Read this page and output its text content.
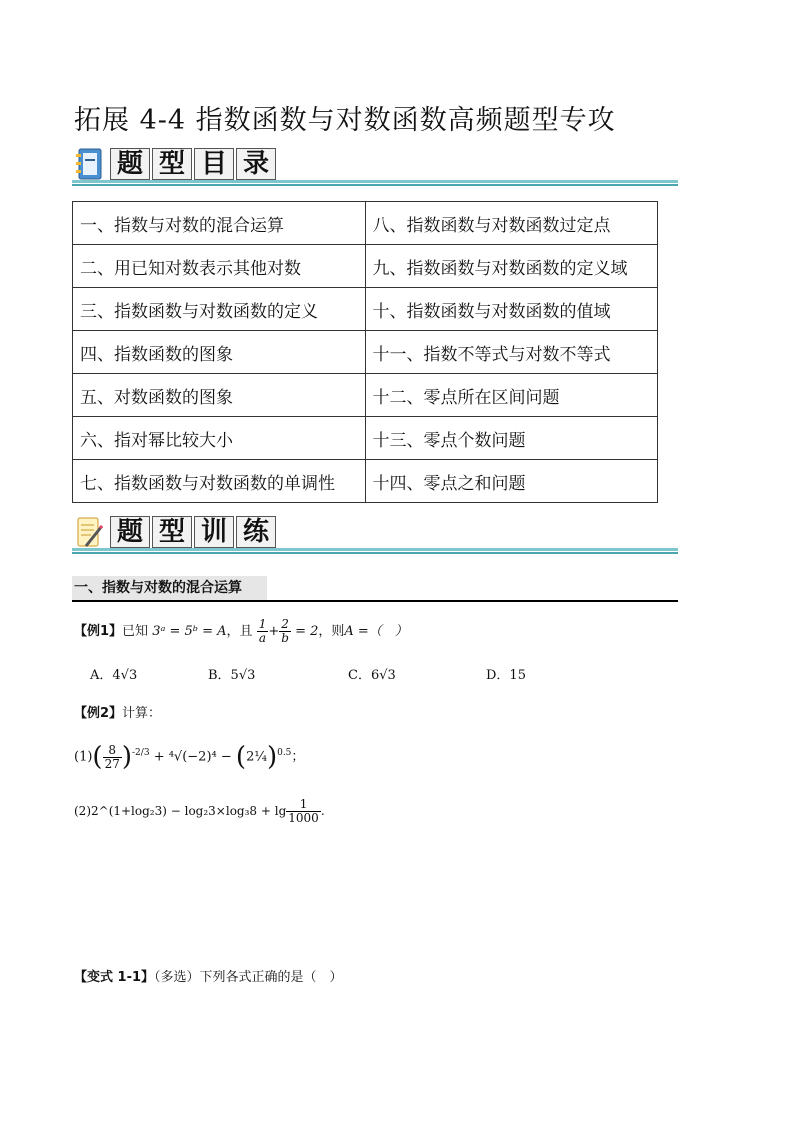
拓展 4-4 指数函数与对数函数高频题型专攻
题 型 目 录
一、指数与对数的混合运算	八、指数函数与对数函数过定点
二、用已知对数表示其他对数	九、指数函数与对数函数的定义域
三、指数函数与对数函数的定义	十、指数函数与对数函数的值域
四、指数函数的图象	十一、指数不等式与对数不等式
五、对数函数的图象	十二、零点所在区间问题
六、指对幂比较大小	十三、零点个数问题
七、指数函数与对数函数的单调性	十四、零点之和问题
题 型 训 练
一、指数与对数的混合运算
【例1】已知 3ᵃ = 5ᵇ = A，且 $\frac{1}{a} + \frac{2}{b} = 2$，则A =（　）
A．4√3	B．5√3	C．6√3	D．15
【例2】计算：
$(1)( \frac{8}{27} )^{-2/3} + ^4√(-2)^4$ − (2¼)$^{0.5}$；
(2)2^(1+log₂3) − $\log_23\times\log_38 + \lg \frac{1}{1000}$ .
【变式 1-1】（多选）下列各式正确的是（　）
